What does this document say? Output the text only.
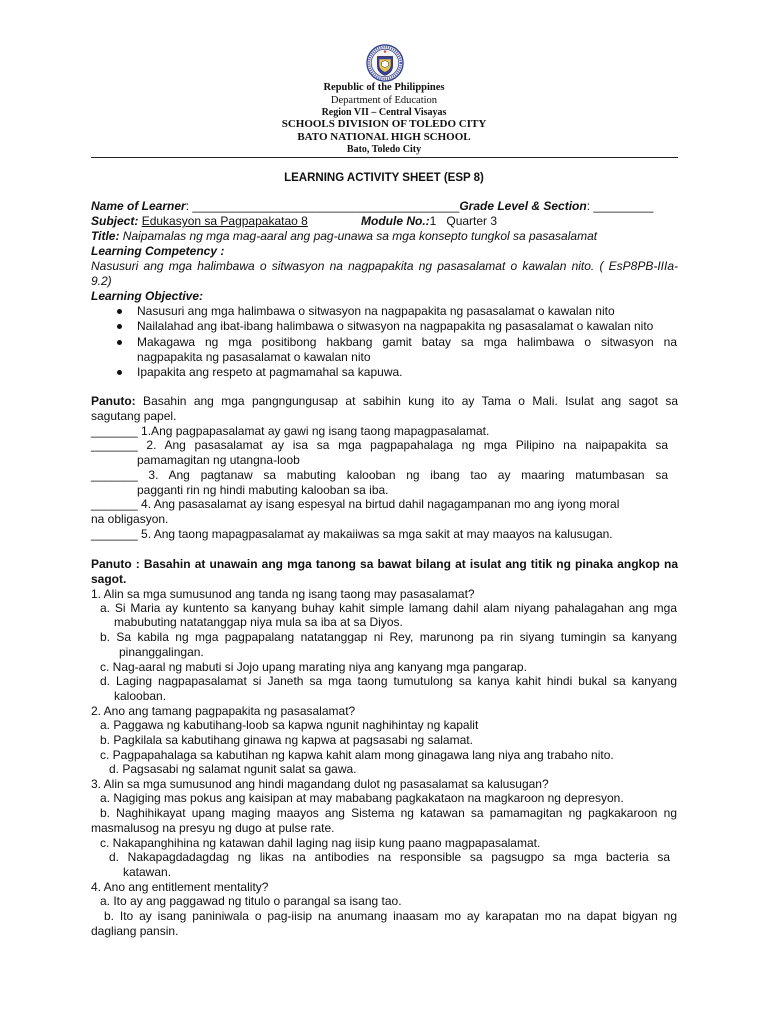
Republic of the Philippines
Department of Education
Region VII – Central Visayas
SCHOOLS DIVISION OF TOLEDO CITY
BATO NATIONAL HIGH SCHOOL
Bato, Toledo City
LEARNING ACTIVITY SHEET (ESP 8)
Name of Learner: ________________________________________Grade Level & Section: _________
Subject: Edukasyon sa Pagpapakatao 8	Module No.:1 Quarter 3
Title: Naipamalas ng mga mag-aaral ang pag-unawa sa mga konsepto tungkol sa pasasalamat
Learning Competency :
Nasusuri ang mga halimbawa o sitwasyon na nagpapakita ng pasasalamat o kawalan nito. ( EsP8PB-IIIa-
9.2)
Learning Objective:
Nasusuri ang mga halimbawa o sitwasyon na nagpapakita ng pasasalamat o kawalan nito
Nailalahad ang ibat-ibang halimbawa o sitwasyon na nagpapakita ng pasasalamat o kawalan nito
Makagawa ng mga positibong hakbang gamit batay sa mga halimbawa o sitwasyon na
nagpapakita ng pasasalamat o kawalan nito
Ipapakita ang respeto at pagmamahal sa kapuwa.
Panuto: Basahin ang mga pangngungusap at sabihin kung ito ay Tama o Mali. Isulat ang sagot sa
sagutang papel.
_______ 1.Ang pagpapasalamat ay gawi ng isang taong mapagpasalamat.
_______ 2. Ang pasasalamat ay isa sa mga pagpapahalaga ng mga Pilipino na naipapakita sa
pamamagitan ng utangna-loob
_______ 3. Ang pagtanaw sa mabuting kalooban ng ibang tao ay maaring matumbasan sa
pagganti rin ng hindi mabuting kalooban sa iba.
_______ 4. Ang pasasalamat ay isang espesyal na birtud dahil nagagampanan mo ang iyong moral
na obligasyon.
_______ 5. Ang taong mapagpasalamat ay makaiiwas sa mga sakit at may maayos na kalusugan.
Panuto : Basahin at unawain ang mga tanong sa bawat bilang at isulat ang titik ng pinaka angkop na
sagot.
1. Alin sa mga sumusunod ang tanda ng isang taong may pasasalamat?
a. Si Maria ay kuntento sa kanyang buhay kahit simple lamang dahil alam niyang pahalagahan ang mga
mabubuting natatanggap niya mula sa iba at sa Diyos.
b. Sa kabila ng mga pagpapalang natatanggap ni Rey, marunong pa rin siyang tumingin sa kanyang
pinanggalingan.
c. Nag-aaral ng mabuti si Jojo upang marating niya ang kanyang mga pangarap.
d. Laging nagpapasalamat si Janeth sa mga taong tumutulong sa kanya kahit hindi bukal sa kanyang
kalooban.
2. Ano ang tamang pagpapakita ng pasasalamat?
a. Paggawa ng kabutihang-loob sa kapwa ngunit naghihintay ng kapalit
b. Pagkilala sa kabutihang ginawa ng kapwa at pagsasabi ng salamat.
c. Pagpapahalaga sa kabutihan ng kapwa kahit alam mong ginagawa lang niya ang trabaho nito.
d. Pagsasabi ng salamat ngunit salat sa gawa.
3. Alin sa mga sumusunod ang hindi magandang dulot ng pasasalamat sa kalusugan?
a. Nagiging mas pokus ang kaisipan at may mababang pagkakataon na magkaroon ng depresyon.
b. Naghihikayat upang maging maayos ang Sistema ng katawan sa pamamagitan ng pagkakaroon ng
masmalusog na presyu ng dugo at pulse rate.
c. Nakapanghihina ng katawan dahil laging nag iisip kung paano magpapasalamat.
d. Nakapagdadagdag ng likas na antibodies na responsible sa pagsugpo sa mga bacteria sa
katawan.
4. Ano ang entitlement mentality?
a. Ito ay ang paggawad ng titulo o parangal sa isang tao.
b. Ito ay isang paniniwala o pag-iisip na anumang inaasam mo ay karapatan mo na dapat bigyan ng
dagliang pansin.
